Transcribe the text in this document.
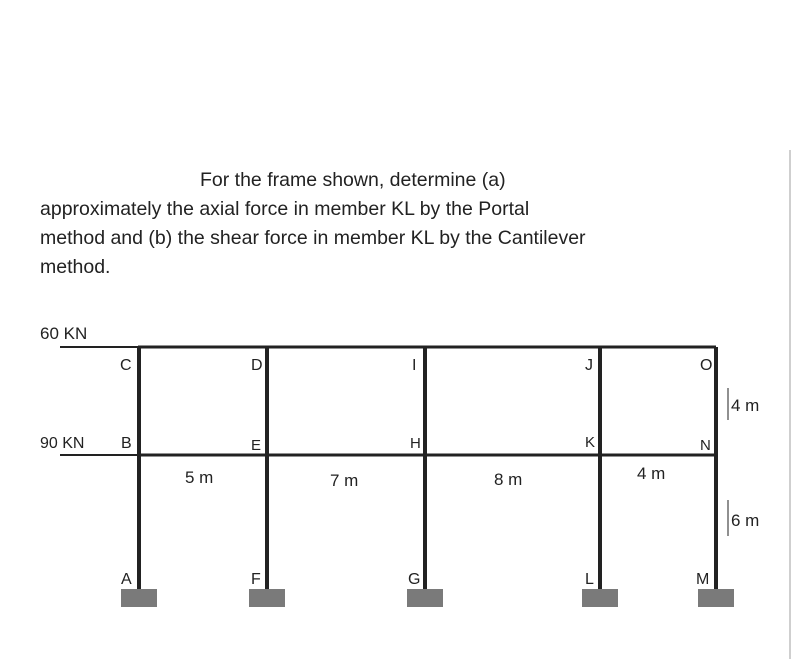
For the frame shown, determine (a)
approximately the axial force in member KL by the Portal
method and (b) the shear force in member KL by the Cantilever
method.
60 KN
90 KN
C
B
A
D
E
F
I
H
G
J
K
L
O
N
M
5 m	7 m	8 m	4 m
4 m
6 m
